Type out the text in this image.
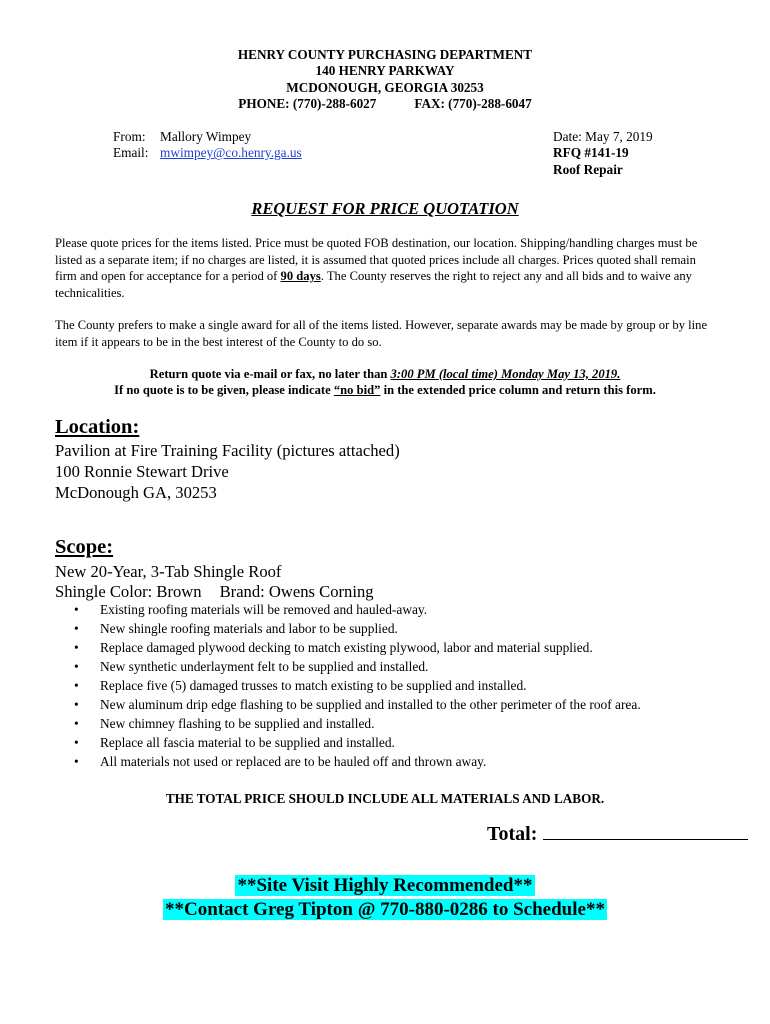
HENRY COUNTY PURCHASING DEPARTMENT
140 HENRY PARKWAY
MCDONOUGH, GEORGIA 30253
PHONE: (770)-288-6027	FAX: (770)-288-6047
From: Mallory Wimpey
Email: mwimpey@co.henry.ga.us
Date: May 7, 2019
RFQ #141-19
Roof Repair
REQUEST FOR PRICE QUOTATION
Please quote prices for the items listed. Price must be quoted FOB destination, our location. Shipping/handling charges must be listed as a separate item; if no charges are listed, it is assumed that quoted prices include all charges. Prices quoted shall remain firm and open for acceptance for a period of 90 days. The County reserves the right to reject any and all bids and to waive any technicalities.
The County prefers to make a single award for all of the items listed. However, separate awards may be made by group or by line item if it appears to be in the best interest of the County to do so.
Return quote via e-mail or fax, no later than 3:00 PM (local time) Monday May 13, 2019.
If no quote is to be given, please indicate “no bid” in the extended price column and return this form.
Location:
Pavilion at Fire Training Facility (pictures attached)
100 Ronnie Stewart Drive
McDonough GA, 30253
Scope:
New 20-Year, 3-Tab Shingle Roof
Shingle Color: Brown Brand: Owens Corning
• Existing roofing materials will be removed and hauled-away.
• New shingle roofing materials and labor to be supplied.
• Replace damaged plywood decking to match existing plywood, labor and material supplied.
• New synthetic underlayment felt to be supplied and installed.
• Replace five (5) damaged trusses to match existing to be supplied and installed.
• New aluminum drip edge flashing to be supplied and installed to the other perimeter of the roof area.
• New chimney flashing to be supplied and installed.
• Replace all fascia material to be supplied and installed.
• All materials not used or replaced are to be hauled off and thrown away.
THE TOTAL PRICE SHOULD INCLUDE ALL MATERIALS AND LABOR.
Total:
**Site Visit Highly Recommended**
**Contact Greg Tipton @ 770-880-0286 to Schedule**
